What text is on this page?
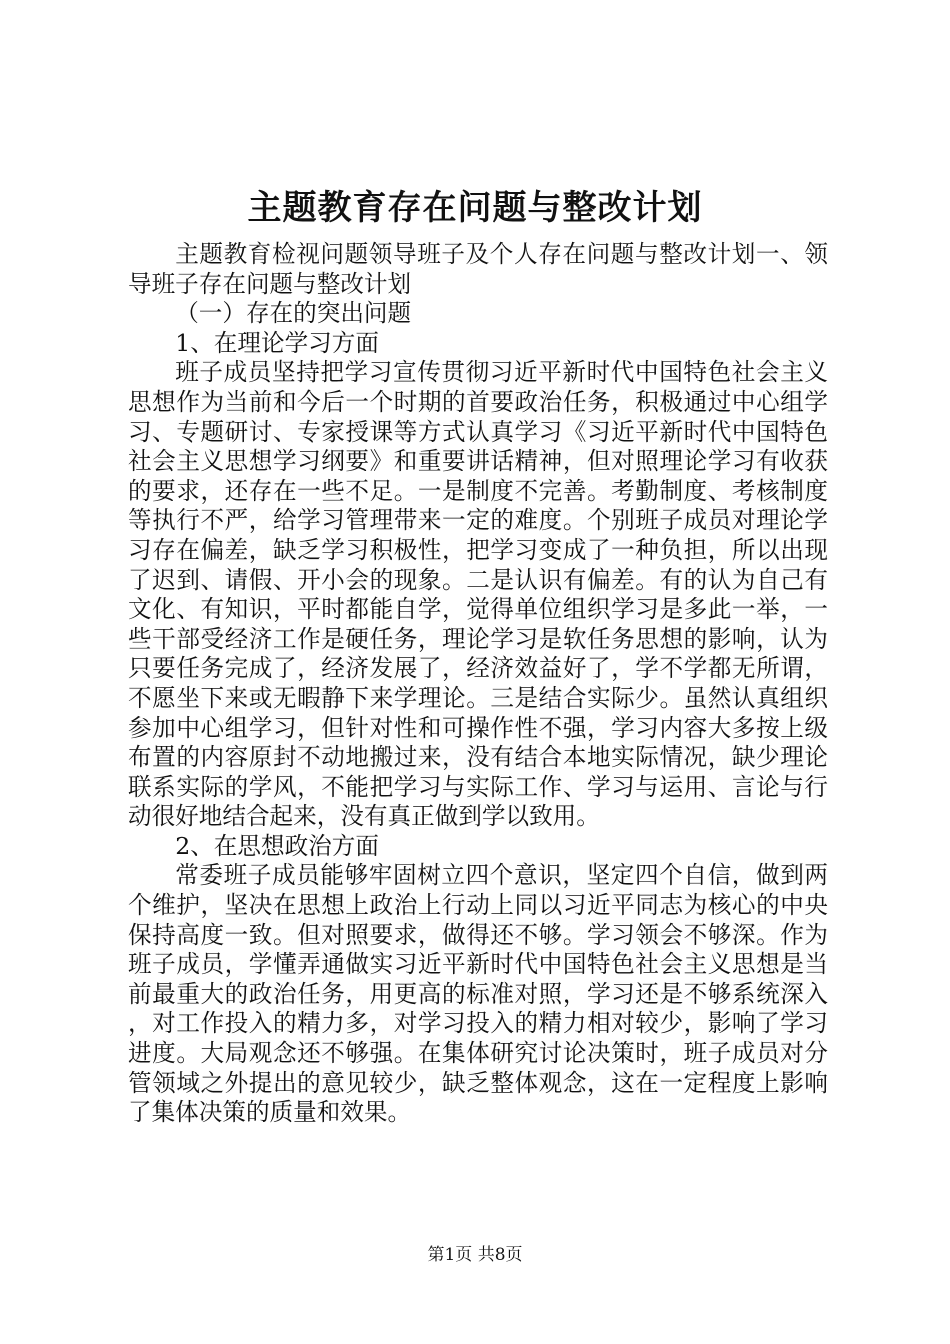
主题教育存在问题与整改计划

主题教育检视问题领导班子及个人存在问题与整改计划一、领导班子存在问题与整改计划

（一）存在的突出问题

1、在理论学习方面

班子成员坚持把学习宣传贯彻习近平新时代中国特色社会主义思想作为当前和今后一个时期的首要政治任务，积极通过中心组学习、专题研讨、专家授课等方式认真学习《习近平新时代中国特色社会主义思想学习纲要》和重要讲话精神，但对照理论学习有收获的要求，还存在一些不足。一是制度不完善。考勤制度、考核制度等执行不严，给学习管理带来一定的难度。个别班子成员对理论学习存在偏差，缺乏学习积极性，把学习变成了一种负担，所以出现了迟到、请假、开小会的现象。二是认识有偏差。有的认为自己有文化、有知识，平时都能自学，觉得单位组织学习是多此一举，一些干部受经济工作是硬任务，理论学习是软任务思想的影响，认为只要任务完成了，经济发展了，经济效益好了，学不学都无所谓，不愿坐下来或无暇静下来学理论。三是结合实际少。虽然认真组织参加中心组学习，但针对性和可操作性不强，学习内容大多按上级布置的内容原封不动地搬过来，没有结合本地实际情况，缺少理论联系实际的学风，不能把学习与实际工作、学习与运用、言论与行动很好地结合起来，没有真正做到学以致用。

2、在思想政治方面

常委班子成员能够牢固树立四个意识，坚定四个自信，做到两个维护，坚决在思想上政治上行动上同以习近平同志为核心的中央保持高度一致。但对照要求，做得还不够。学习领会不够深。作为班子成员，学懂弄通做实习近平新时代中国特色社会主义思想是当前最重大的政治任务，用更高的标准对照，学习还是不够系统深入，对工作投入的精力多，对学习投入的精力相对较少，影响了学习进度。大局观念还不够强。在集体研究讨论决策时，班子成员对分管领域之外提出的意见较少，缺乏整体观念，这在一定程度上影响了集体决策的质量和效果。

第1页 共8页
